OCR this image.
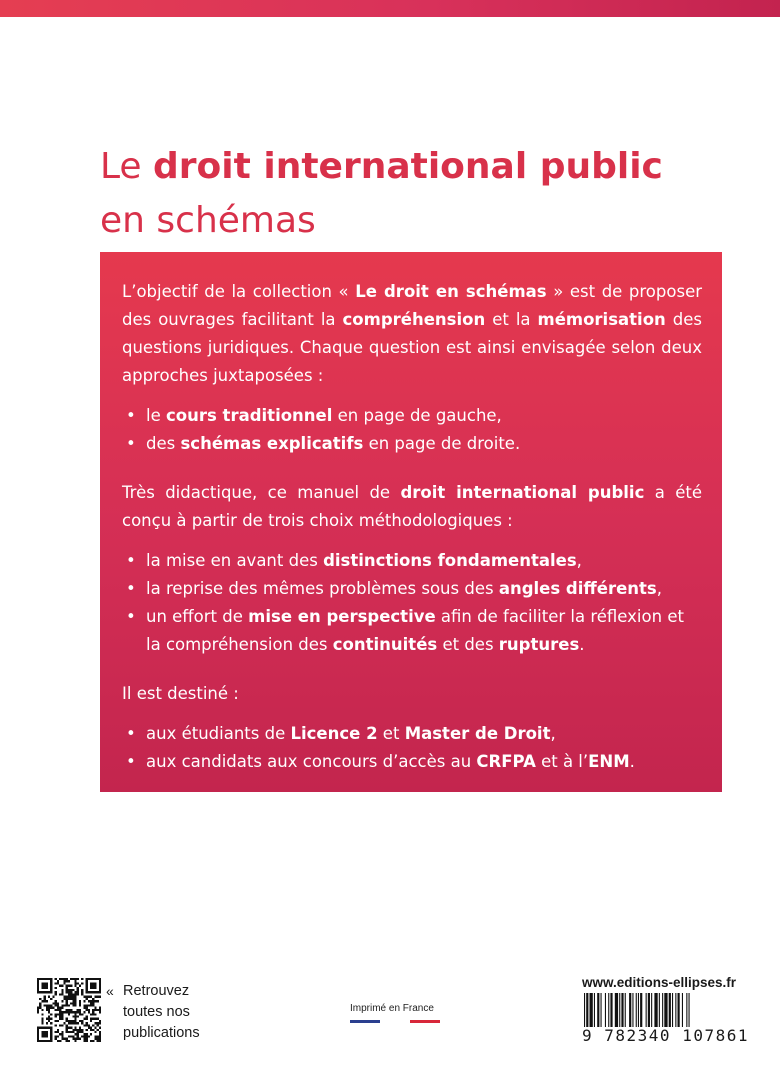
Le droit international public
en schémas

L’objectif de la collection « Le droit en schémas » est de proposer des ouvrages facilitant la compréhension et la mémorisation des questions juridiques. Chaque question est ainsi envisagée selon deux approches juxtaposées :

• le cours traditionnel en page de gauche,
• des schémas explicatifs en page de droite.

Très didactique, ce manuel de droit international public a été conçu à partir de trois choix méthodologiques :

• la mise en avant des distinctions fondamentales,
• la reprise des mêmes problèmes sous des angles différents,
• un effort de mise en perspective afin de faciliter la réflexion et la compréhension des continuités et des ruptures.

Il est destiné :

• aux étudiants de Licence 2 et Master de Droit,
• aux candidats aux concours d’accès au CRFPA et à l’ENM.
« Retrouvez
toutes nos
publications
Imprimé en France
www.editions-ellipses.fr
9 782340 107861
